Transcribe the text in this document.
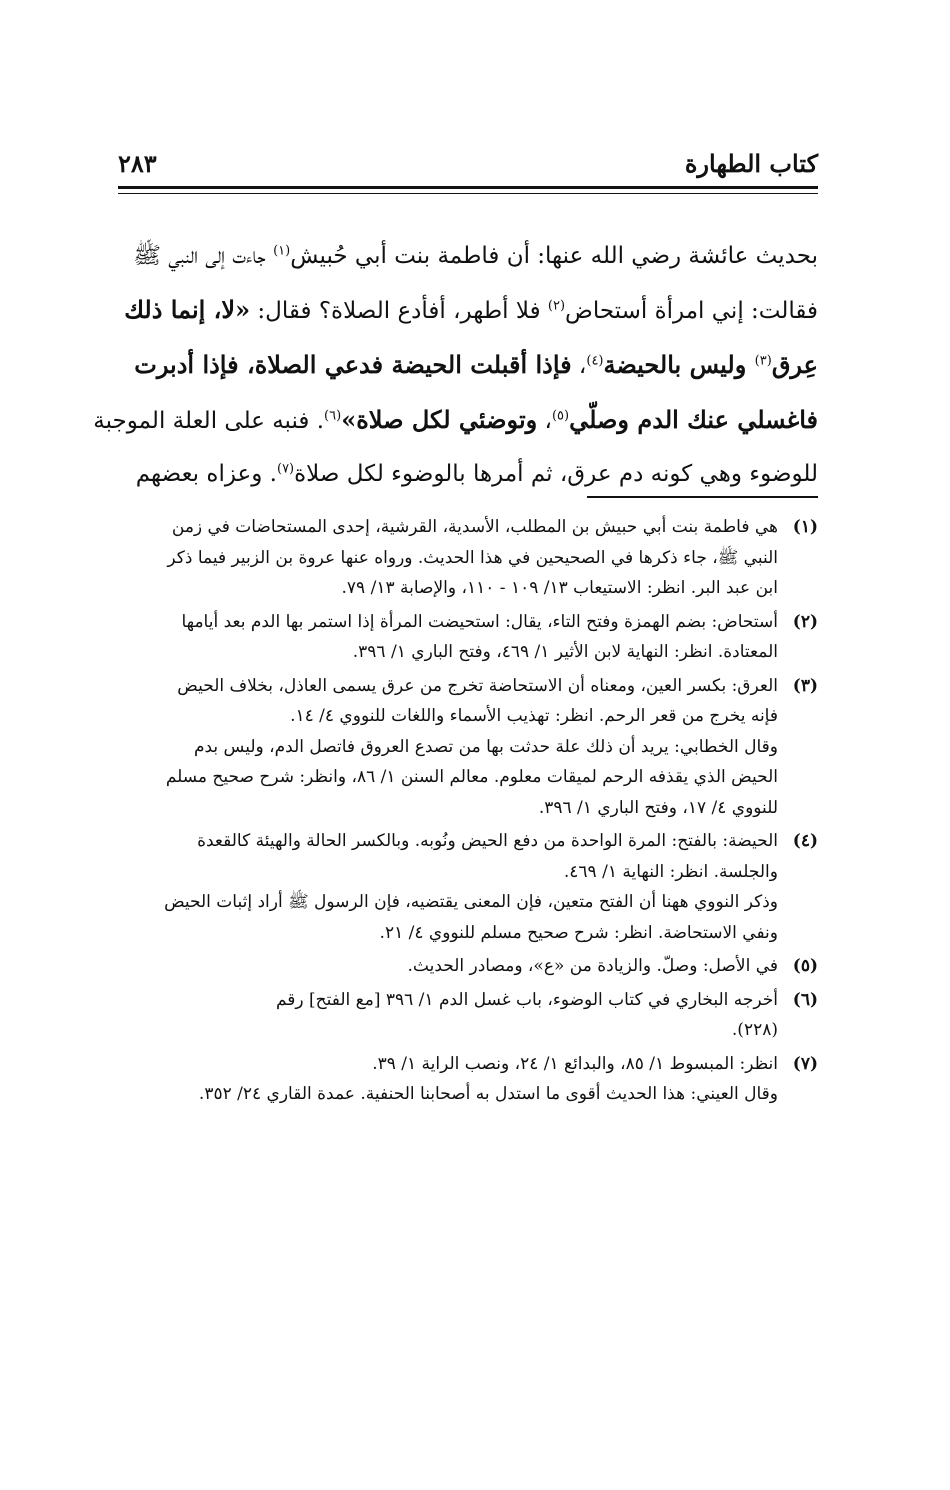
كتاب الطهارة
٢٨٣
بحديث عائشة رضي الله عنها: أن فاطمة بنت أبي حُبيش$^{(١)}$ جاءت إلى النبي ﷺ
فقالت: إني امرأة أستحاض$^{(٢)}$ فلا أطهر، أفأدع الصلاة؟ فقال: «لا، إنما ذلك
عِرق$^{(٣)}$ وليس بالحيضة$^{(٤)}$، فإذا أقبلت الحيضة فدعي الصلاة، فإذا أدبرت
فاغسلي عنك الدم وصلّي$^{(٥)}$، وتوضئي لكل صلاة»$^{(٦)}$. فنبه على العلة الموجبة
للوضوء وهي كونه دم عرق، ثم أمرها بالوضوء لكل صلاة$^{(٧)}$. وعزاه بعضهم
(١)
هي فاطمة بنت أبي حبيش بن المطلب، الأسدية، القرشية، إحدى المستحاضات في زمن
النبي ﷺ، جاء ذكرها في الصحيحين في هذا الحديث. ورواه عنها عروة بن الزبير فيما ذكر
ابن عبد البر. انظر: الاستيعاب ١٣/ ١٠٩ - ١١٠، والإصابة ١٣/ ٧٩.
(٢)
أستحاض: بضم الهمزة وفتح التاء، يقال: استحيضت المرأة إذا استمر بها الدم بعد أيامها
المعتادة. انظر: النهاية لابن الأثير ١/ ٤٦٩، وفتح الباري ١/ ٣٩٦.
(٣)
العرق: بكسر العين، ومعناه أن الاستحاضة تخرج من عرق يسمى العاذل، بخلاف الحيض
فإنه يخرج من قعر الرحم. انظر: تهذيب الأسماء واللغات للنووي ٤/ ١٤.
وقال الخطابي: يريد أن ذلك علة حدثت بها من تصدع العروق فاتصل الدم، وليس بدم
الحيض الذي يقذفه الرحم لميقات معلوم. معالم السنن ١/ ٨٦، وانظر: شرح صحيح مسلم
للنووي ٤/ ١٧، وفتح الباري ١/ ٣٩٦.
(٤)
الحيضة: بالفتح: المرة الواحدة من دفع الحيض ونُوبه. وبالكسر الحالة والهيئة كالقعدة
والجلسة. انظر: النهاية ١/ ٤٦٩.
وذكر النووي ههنا أن الفتح متعين، فإن المعنى يقتضيه، فإن الرسول ﷺ أراد إثبات الحيض
ونفي الاستحاضة. انظر: شرح صحيح مسلم للنووي ٤/ ٢١.
(٥)
في الأصل: وصلّ. والزيادة من «ع»، ومصادر الحديث.
(٦)
أخرجه البخاري في كتاب الوضوء، باب غسل الدم ١/ ٣٩٦ [مع الفتح] رقم
(٢٢٨).
(٧)
انظر: المبسوط ١/ ٨٥، والبدائع ١/ ٢٤، ونصب الراية ١/ ٣٩.
وقال العيني: هذا الحديث أقوى ما استدل به أصحابنا الحنفية. عمدة القاري ٢٤/ ٣٥٢.
